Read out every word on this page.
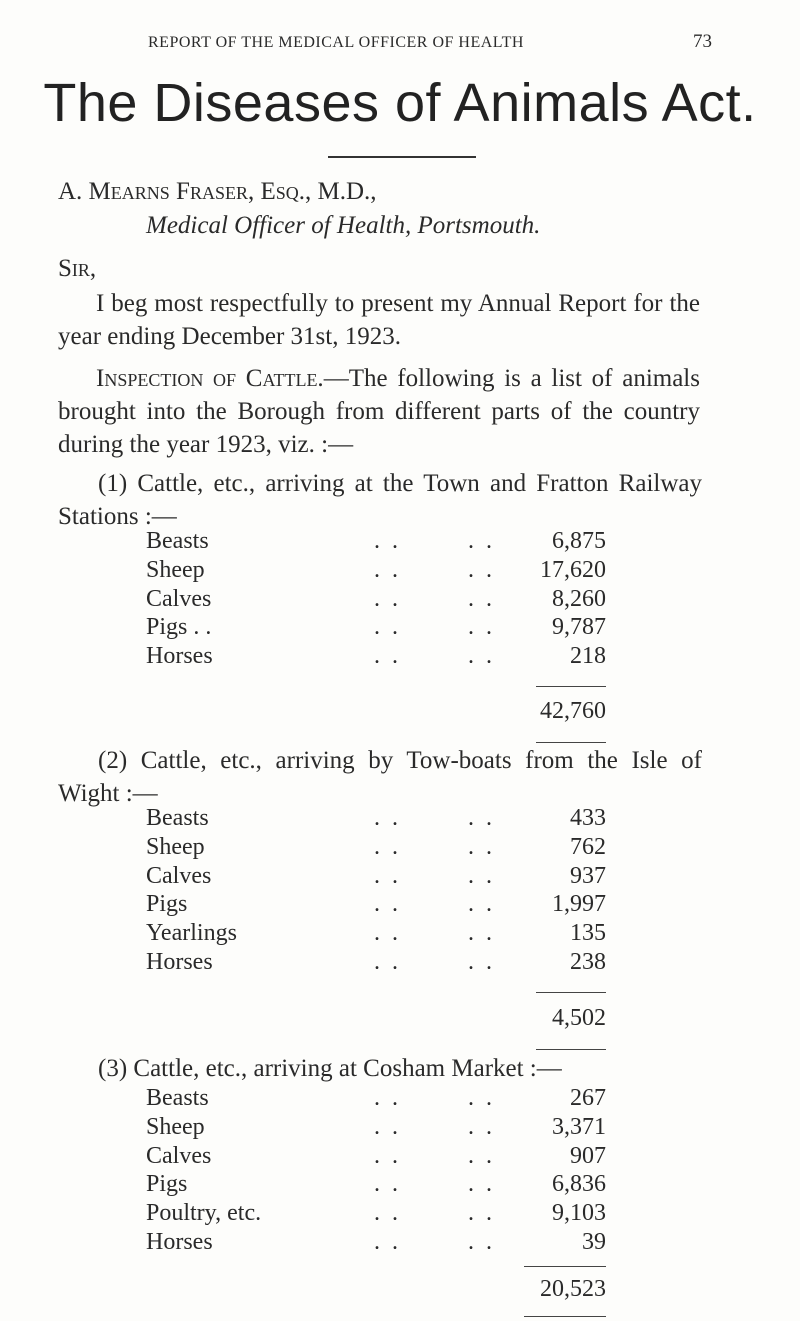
REPORT OF THE MEDICAL OFFICER OF HEALTH	73
The Diseases of Animals Act.
A. Mearns Fraser, Esq., M.D.,
Medical Officer of Health, Portsmouth.
Sir,

I beg most respectfully to present my Annual Report for the year ending December 31st, 1923.

Inspection of Cattle.—The following is a list of animals brought into the Borough from different parts of the country during the year 1923, viz. :—

(1) Cattle, etc., arriving at the Town and Fratton Railway Stations :—

Beasts	. .	. . 6,875
Sheep	. .	. . 17,620
Calves	. .	. . 8,260
Pigs . .	. .	. . 9,787
Horses	. .	. .	218
42,760

(2) Cattle, etc., arriving by Tow-boats from the Isle of Wight :—

Beasts	. .	. .	433
Sheep	. .	. .	762
Calves	. .	. .	937
Pigs	. .	. . 1,997
Yearlings	. .	. .	135
Horses	. .	. .	238
4,502

(3) Cattle, etc., arriving at Cosham Market :—

Beasts	. .	. .	267
Sheep	. .	. . 3,371
Calves	. .	. .	907
Pigs	. .	. . 6,836
Poultry, etc.	. .	. . 9,103
Horses	. .	. .	39
20,523
